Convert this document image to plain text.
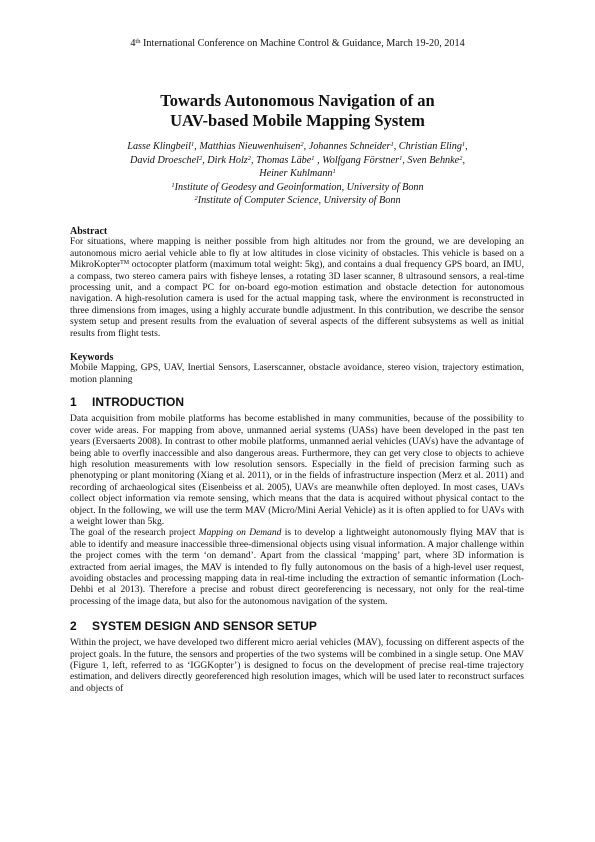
4th International Conference on Machine Control & Guidance, March 19-20, 2014
Towards Autonomous Navigation of an
UAV-based Mobile Mapping System
Lasse Klingbeil$^1$, Matthias Nieuwenhuisen$^2$, Johannes Schneider$^1$, Christian Eling$^1$,
David Droeschel$^2$, Dirk Holz$^2$, Thomas Läbe$^1$ , Wolfgang Förstner$^1$, Sven Behnke$^2$,
Heiner Kuhlmann$^1$
$^1$Institute of Geodesy and Geoinformation, University of Bonn
$^2$Institute of Computer Science, University of Bonn

Abstract

For situations, where mapping is neither possible from high altitudes nor from the ground, we are developing an autonomous micro aerial vehicle able to fly at low altitudes in close vicinity of obstacles. This vehicle is based on a MikroKopter™ octocopter platform (maximum total weight: 5kg), and contains a dual frequency GPS board, an IMU, a compass, two stereo camera pairs with fisheye lenses, a rotating 3D laser scanner, 8 ultrasound sensors, a real-time processing unit, and a compact PC for on-board ego-motion estimation and obstacle detection for autonomous navigation. A high-resolution camera is used for the actual mapping task, where the environment is reconstructed in three dimensions from images, using a highly accurate bundle adjustment. In this contribution, we describe the sensor system setup and present results from the evaluation of several aspects of the different subsystems as well as initial results from flight tests.

Keywords

Mobile Mapping, GPS, UAV, Inertial Sensors, Laserscanner, obstacle avoidance, stereo vision, trajectory estimation, motion planning

1 INTRODUCTION

Data acquisition from mobile platforms has become established in many communities, because of the possibility to cover wide areas. For mapping from above, unmanned aerial systems (UASs) have been developed in the past ten years (Eversaerts 2008). In contrast to other mobile platforms, unmanned aerial vehicles (UAVs) have the advantage of being able to overfly inaccessible and also dangerous areas. Furthermore, they can get very close to objects to achieve high resolution measurements with low resolution sensors. Especially in the field of precision farming such as phenotyping or plant monitoring (Xiang et al. 2011), or in the fields of infrastructure inspection (Merz et al. 2011) and recording of archaeological sites (Eisenbeiss et al. 2005), UAVs are meanwhile often deployed. In most cases, UAVs collect object information via remote sensing, which means that the data is acquired without physical contact to the object. In the following, we will use the term MAV (Micro/Mini Aerial Vehicle) as it is often applied to for UAVs with a weight lower than 5kg.

The goal of the research project Mapping on Demand is to develop a lightweight autonomously flying MAV that is able to identify and measure inaccessible three-dimensional objects using visual information. A major challenge within the project comes with the term ‘on demand’. Apart from the classical ‘mapping’ part, where 3D information is extracted from aerial images, the MAV is intended to fly fully autonomous on the basis of a high-level user request, avoiding obstacles and processing mapping data in real-time including the extraction of semantic information (Loch-Dehbi et al 2013). Therefore a precise and robust direct georeferencing is necessary, not only for the real-time processing of the image data, but also for the autonomous navigation of the system.

2 SYSTEM DESIGN AND SENSOR SETUP

Within the project, we have developed two different micro aerial vehicles (MAV), focussing on different aspects of the project goals. In the future, the sensors and properties of the two systems will be combined in a single setup. One MAV (Figure 1, left, referred to as ‘IGGKopter’) is designed to focus on the development of precise real-time trajectory estimation, and delivers directly georeferenced high resolution images, which will be used later to reconstruct surfaces and objects of
